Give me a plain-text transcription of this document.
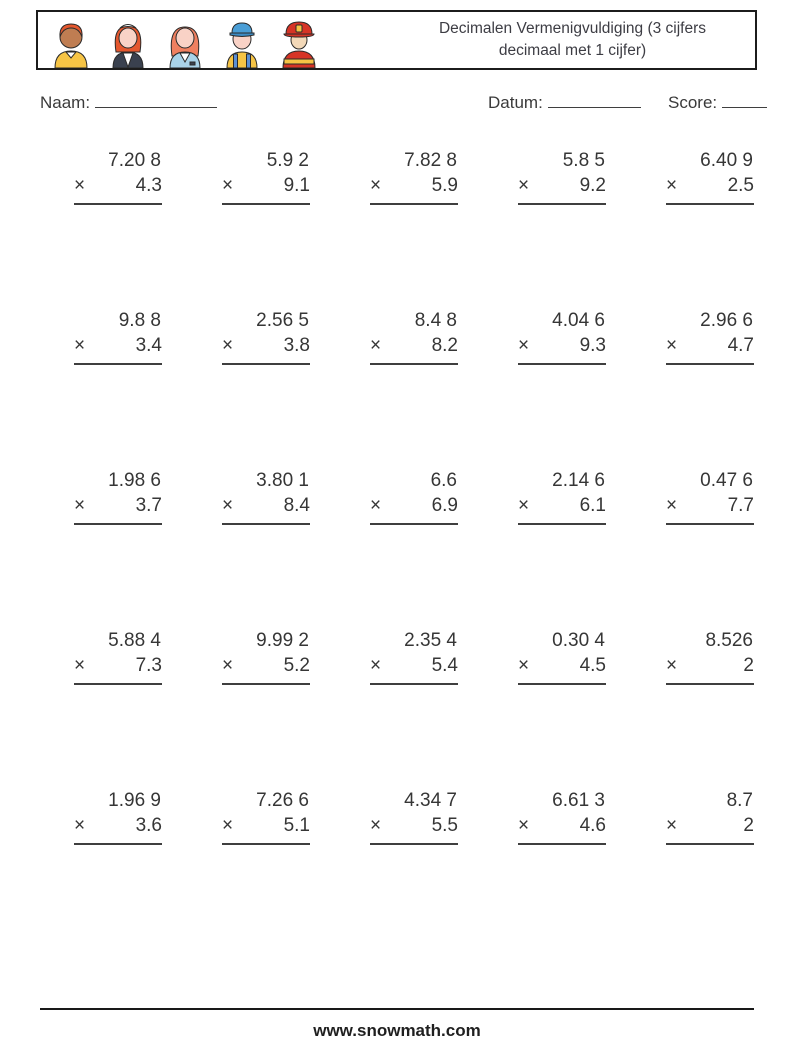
Decimalen Vermenigvuldiging (3 cijfers
decimaal met 1 cijfer)
Naam:	Datum:	Score:
7.20 8
×	4.3
5.9 2
×	9.1
7.82 8
×	5.9
5.8 5
×	9.2
6.40 9
×	2.5
9.8 8
×	3.4
2.56 5
×	3.8
8.4 8
×	8.2
4.04 6
×	9.3
2.96 6
×	4.7
1.98 6
×	3.7
3.80 1
×	8.4
6.6
×	6.9
2.14 6
×	6.1
0.47 6
×	7.7
5.88 4
×	7.3
9.99 2
×	5.2
2.35 4
×	5.4
0.30 4
×	4.5
8.526
×	2
1.96 9
×	3.6
7.26 6
×	5.1
4.34 7
×	5.5
6.61 3
×	4.6
8.7
×	2
www.snowmath.com
